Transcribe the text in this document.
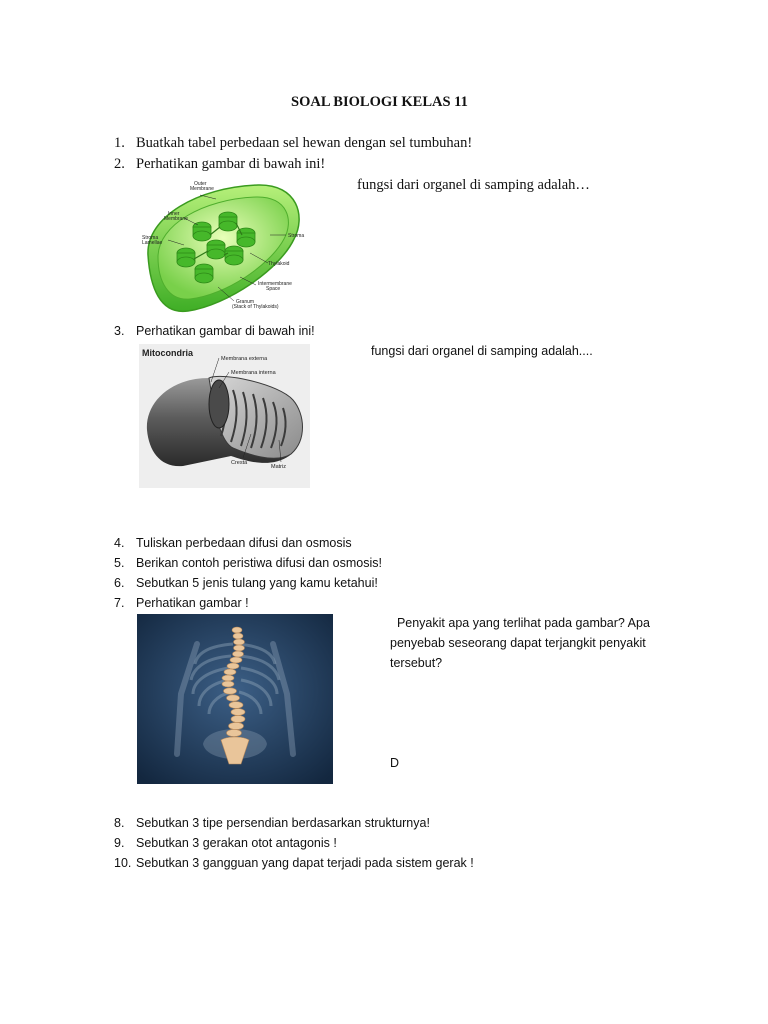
SOAL BIOLOGI KELAS 11
1. Buatkah tabel perbedaan sel hewan dengan sel tumbuhan!
2. Perhatikan gambar di bawah ini!
fungsi dari organel di samping adalah…
Outer Membrane
Inner Membrane
Stroma Lamellae
Stroma
Thylakoid
Intermembrane Space
Granum (Stack of Thylakoids)
3. Perhatikan gambar di bawah ini!
fungsi dari organel di samping adalah....
Mitocondria
Membrana externa
Membrana interna
Cresta
Matriz
4. Tuliskan perbedaan difusi dan osmosis
5. Berikan contoh peristiwa difusi dan osmosis!
6. Sebutkan 5 jenis tulang yang kamu ketahui!
7. Perhatikan gambar !
Penyakit apa yang terlihat pada gambar? Apa
penyebab seseorang dapat terjangkit penyakit
tersebut?
D
8. Sebutkan 3 tipe persendian berdasarkan strukturnya!
9. Sebutkan 3 gerakan otot antagonis !
10. Sebutkan 3 gangguan yang dapat terjadi pada sistem gerak !
